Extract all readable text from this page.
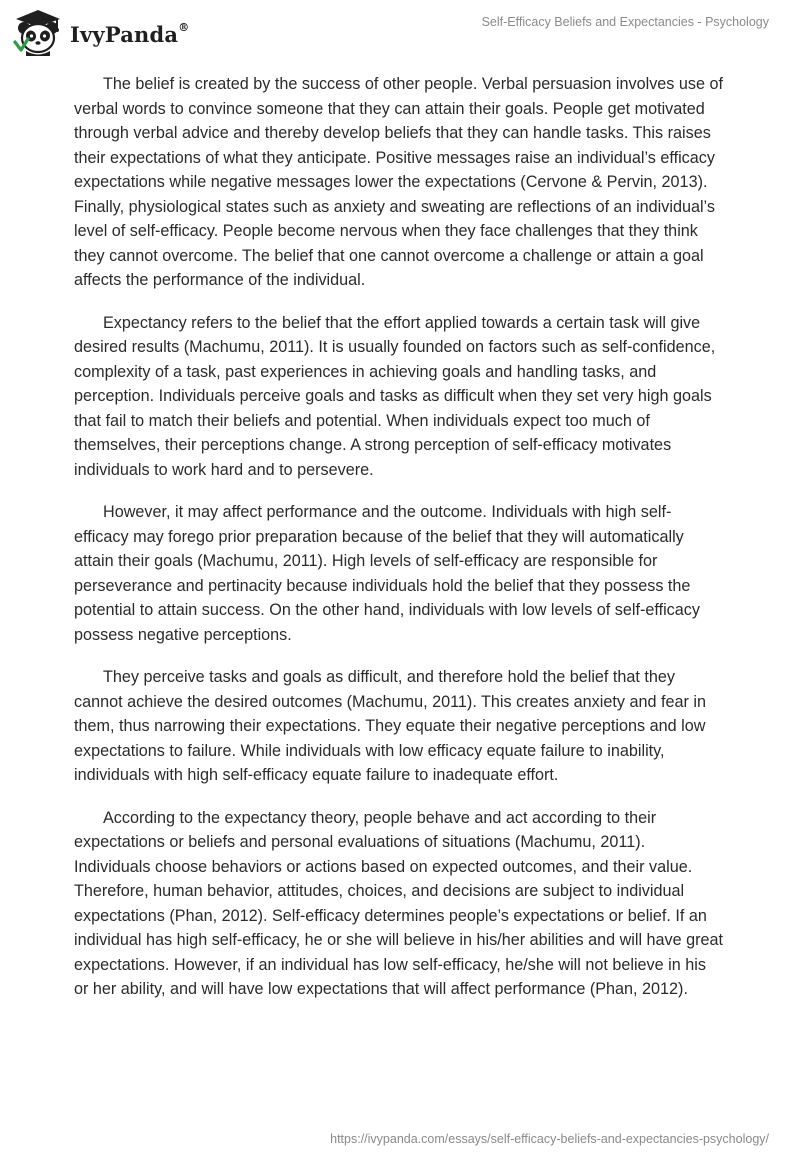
IvyPanda®	Self-Efficacy Beliefs and Expectancies - Psychology

The belief is created by the success of other people. Verbal persuasion involves use of verbal words to convince someone that they can attain their goals. People get motivated through verbal advice and thereby develop beliefs that they can handle tasks. This raises their expectations of what they anticipate. Positive messages raise an individual’s efficacy expectations while negative messages lower the expectations (Cervone & Pervin, 2013). Finally, physiological states such as anxiety and sweating are reflections of an individual’s level of self-efficacy. People become nervous when they face challenges that they think they cannot overcome. The belief that one cannot overcome a challenge or attain a goal affects the performance of the individual.

Expectancy refers to the belief that the effort applied towards a certain task will give desired results (Machumu, 2011). It is usually founded on factors such as self-confidence, complexity of a task, past experiences in achieving goals and handling tasks, and perception. Individuals perceive goals and tasks as difficult when they set very high goals that fail to match their beliefs and potential. When individuals expect too much of themselves, their perceptions change. A strong perception of self-efficacy motivates individuals to work hard and to persevere.

However, it may affect performance and the outcome. Individuals with high self-efficacy may forego prior preparation because of the belief that they will automatically attain their goals (Machumu, 2011). High levels of self-efficacy are responsible for perseverance and pertinacity because individuals hold the belief that they possess the potential to attain success. On the other hand, individuals with low levels of self-efficacy possess negative perceptions.

They perceive tasks and goals as difficult, and therefore hold the belief that they cannot achieve the desired outcomes (Machumu, 2011). This creates anxiety and fear in them, thus narrowing their expectations. They equate their negative perceptions and low expectations to failure. While individuals with low efficacy equate failure to inability, individuals with high self-efficacy equate failure to inadequate effort.

According to the expectancy theory, people behave and act according to their expectations or beliefs and personal evaluations of situations (Machumu, 2011). Individuals choose behaviors or actions based on expected outcomes, and their value. Therefore, human behavior, attitudes, choices, and decisions are subject to individual expectations (Phan, 2012). Self-efficacy determines people’s expectations or belief. If an individual has high self-efficacy, he or she will believe in his/her abilities and will have great expectations. However, if an individual has low self-efficacy, he/she will not believe in his or her ability, and will have low expectations that will affect performance (Phan, 2012).

https://ivypanda.com/essays/self-efficacy-beliefs-and-expectancies-psychology/
